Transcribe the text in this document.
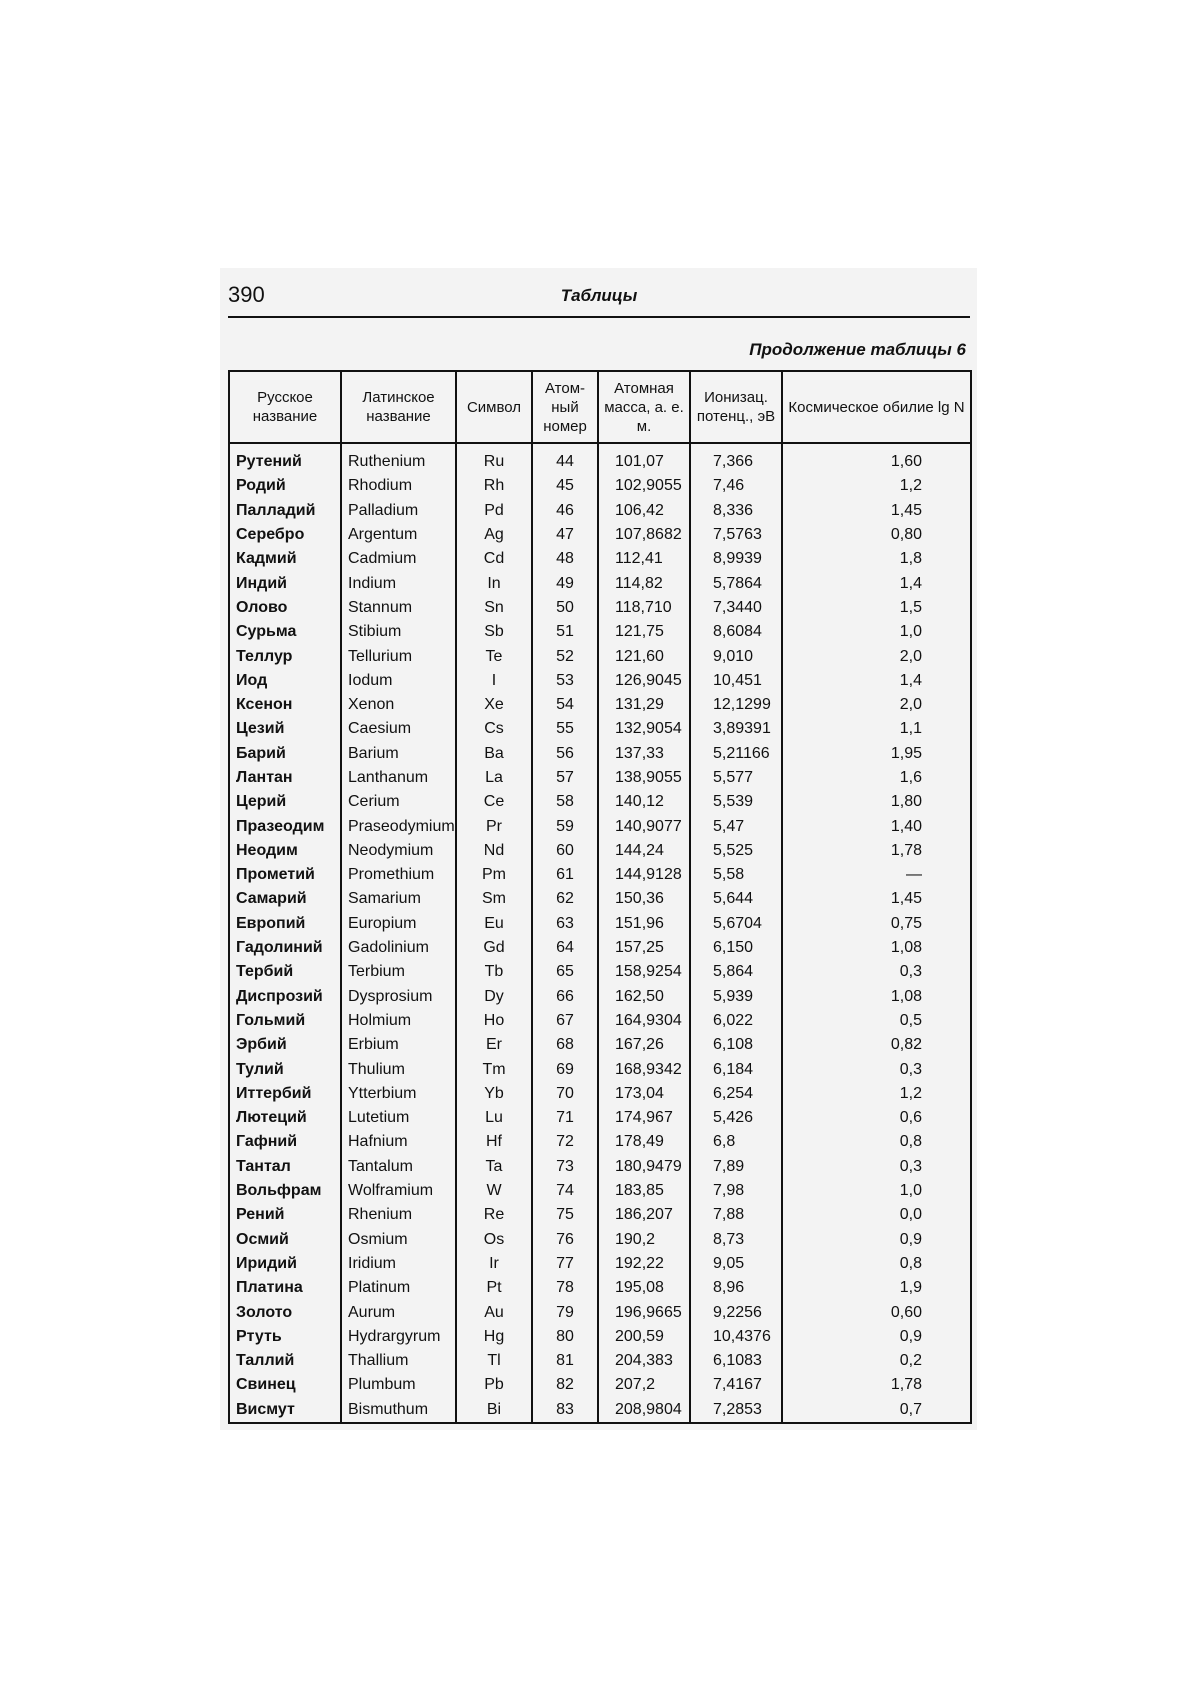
390	Таблицы
Продолжение таблицы 6
Русское название	Латинское название	Символ	Атом-ный номер	Атомная масса, а. е. м.	Ионизац. потенц., эВ	Космическое обилие lg N
Рутений	Ruthenium	Ru	44	101,07	7,366	1,60
Родий	Rhodium	Rh	45	102,9055	7,46	1,2
Палладий	Palladium	Pd	46	106,42	8,336	1,45
Серебро	Argentum	Ag	47	107,8682	7,5763	0,80
Кадмий	Cadmium	Cd	48	112,41	8,9939	1,8
Индий	Indium	In	49	114,82	5,7864	1,4
Олово	Stannum	Sn	50	118,710	7,3440	1,5
Сурьма	Stibium	Sb	51	121,75	8,6084	1,0
Теллур	Tellurium	Te	52	121,60	9,010	2,0
Иод	Iodum	I	53	126,9045	10,451	1,4
Ксенон	Xenon	Xe	54	131,29	12,1299	2,0
Цезий	Caesium	Cs	55	132,9054	3,89391	1,1
Барий	Barium	Ba	56	137,33	5,21166	1,95
Лантан	Lanthanum	La	57	138,9055	5,577	1,6
Церий	Cerium	Ce	58	140,12	5,539	1,80
Празеодим	Praseodymium	Pr	59	140,9077	5,47	1,40
Неодим	Neodymium	Nd	60	144,24	5,525	1,78
Прометий	Promethium	Pm	61	144,9128	5,58	—
Самарий	Samarium	Sm	62	150,36	5,644	1,45
Европий	Europium	Eu	63	151,96	5,6704	0,75
Гадолиний	Gadolinium	Gd	64	157,25	6,150	1,08
Тербий	Terbium	Tb	65	158,9254	5,864	0,3
Диспрозий	Dysprosium	Dy	66	162,50	5,939	1,08
Гольмий	Holmium	Ho	67	164,9304	6,022	0,5
Эрбий	Erbium	Er	68	167,26	6,108	0,82
Тулий	Thulium	Tm	69	168,9342	6,184	0,3
Иттербий	Ytterbium	Yb	70	173,04	6,254	1,2
Лютеций	Lutetium	Lu	71	174,967	5,426	0,6
Гафний	Hafnium	Hf	72	178,49	6,8	0,8
Тантал	Tantalum	Ta	73	180,9479	7,89	0,3
Вольфрам	Wolframium	W	74	183,85	7,98	1,0
Рений	Rhenium	Re	75	186,207	7,88	0,0
Осмий	Osmium	Os	76	190,2	8,73	0,9
Иридий	Iridium	Ir	77	192,22	9,05	0,8
Платина	Platinum	Pt	78	195,08	8,96	1,9
Золото	Aurum	Au	79	196,9665	9,2256	0,60
Ртуть	Hydrargyrum	Hg	80	200,59	10,4376	0,9
Таллий	Thallium	Tl	81	204,383	6,1083	0,2
Свинец	Plumbum	Pb	82	207,2	7,4167	1,78
Висмут	Bismuthum	Bi	83	208,9804	7,2853	0,7
